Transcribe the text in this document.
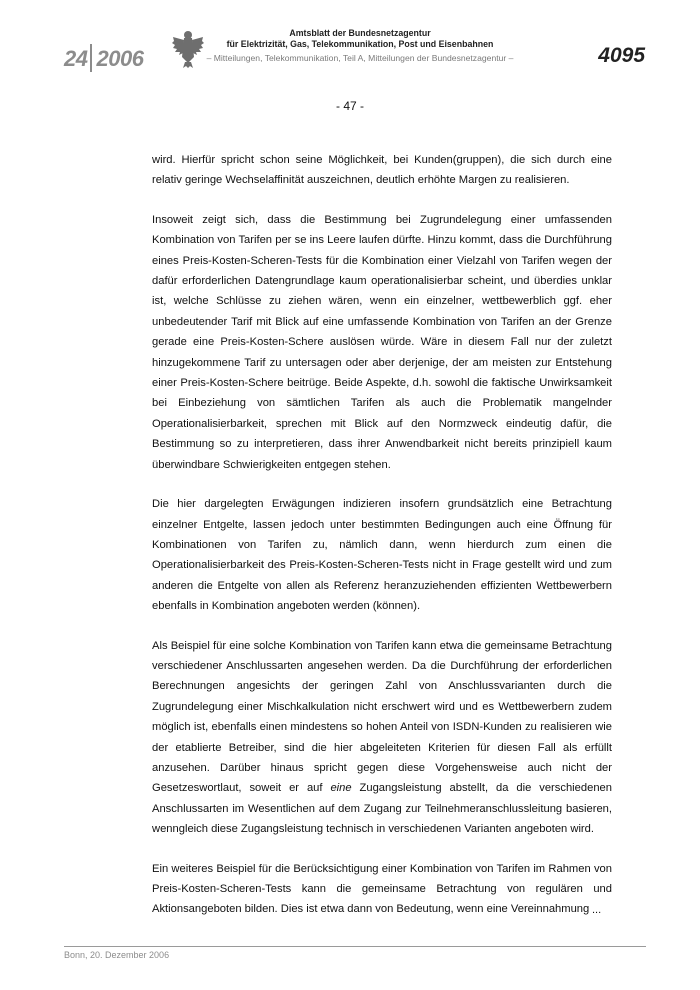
24 2006
Amtsblatt der Bundesnetzagentur
für Elektrizität, Gas, Telekommunikation, Post und Eisenbahnen
– Mitteilungen, Telekommunikation, Teil A, Mitteilungen der Bundesnetzagentur –	4095
- 47 -

wird. Hierfür spricht schon seine Möglichkeit, bei Kunden(gruppen), die sich durch eine relativ geringe Wechselaffinität auszeichnen, deutlich erhöhte Margen zu realisieren.

Insoweit zeigt sich, dass die Bestimmung bei Zugrundelegung einer umfassenden Kombination von Tarifen per se ins Leere laufen dürfte. Hinzu kommt, dass die Durchführung eines Preis-Kosten-Scheren-Tests für die Kombination einer Vielzahl von Tarifen wegen der dafür erforderlichen Datengrundlage kaum operationalisierbar scheint, und überdies unklar ist, welche Schlüsse zu ziehen wären, wenn ein einzelner, wettbewerblich ggf. eher unbedeutender Tarif mit Blick auf eine umfassende Kombination von Tarifen an der Grenze gerade eine Preis-Kosten-Schere auslösen würde. Wäre in diesem Fall nur der zuletzt hinzugekommene Tarif zu untersagen oder aber derjenige, der am meisten zur Entstehung einer Preis-Kosten-Schere beitrüge. Beide Aspekte, d.h. sowohl die faktische Unwirksamkeit bei Einbeziehung von sämtlichen Tarifen als auch die Problematik mangelnder Operationalisierbarkeit, sprechen mit Blick auf den Normzweck eindeutig dafür, die Bestimmung so zu interpretieren, dass ihrer Anwendbarkeit nicht bereits prinzipiell kaum überwindbare Schwierigkeiten entgegen stehen.

Die hier dargelegten Erwägungen indizieren insofern grundsätzlich eine Betrachtung einzelner Entgelte, lassen jedoch unter bestimmten Bedingungen auch eine Öffnung für Kombinationen von Tarifen zu, nämlich dann, wenn hierdurch zum einen die Operationalisierbarkeit des Preis-Kosten-Scheren-Tests nicht in Frage gestellt wird und zum anderen die Entgelte von allen als Referenz heranzuziehenden effizienten Wettbewerbern ebenfalls in Kombination angeboten werden (können).

Als Beispiel für eine solche Kombination von Tarifen kann etwa die gemeinsame Betrachtung verschiedener Anschlussarten angesehen werden. Da die Durchführung der erforderlichen Berechnungen angesichts der geringen Zahl von Anschlussvarianten durch die Zugrundelegung einer Mischkalkulation nicht erschwert wird und es Wettbewerbern zudem möglich ist, ebenfalls einen mindestens so hohen Anteil von ISDN-Kunden zu realisieren wie der etablierte Betreiber, sind die hier abgeleiteten Kriterien für diesen Fall als erfüllt anzusehen. Darüber hinaus spricht gegen diese Vorgehensweise auch nicht der Gesetzeswortlaut, soweit er auf eine Zugangsleistung abstellt, da die verschiedenen Anschlussarten im Wesentlichen auf dem Zugang zur Teilnehmeranschlussleitung basieren, wenngleich diese Zugangsleistung technisch in verschiedenen Varianten angeboten wird.

Ein weiteres Beispiel für die Berücksichtigung einer Kombination von Tarifen im Rahmen von Preis-Kosten-Scheren-Tests kann die gemeinsame Betrachtung von regulären und Aktionsangeboten bilden. Dies ist etwa dann von Bedeutung, wenn eine Vereinnahmung ...
Bonn, 20. Dezember 2006
